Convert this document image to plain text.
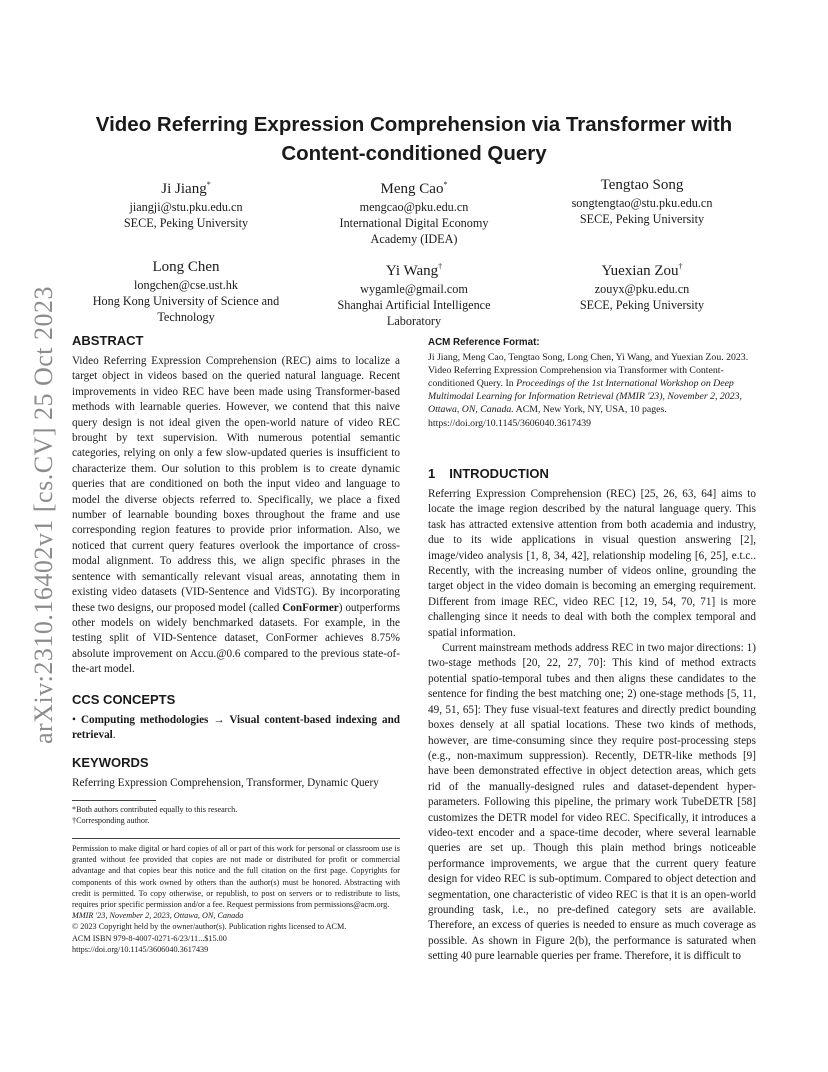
arXiv:2310.16402v1 [cs.CV] 25 Oct 2023
Video Referring Expression Comprehension via Transformer with
Content-conditioned Query
Ji Jiang*
jiangji@stu.pku.edu.cn
SECE, Peking University
Meng Cao*
mengcao@pku.edu.cn
International Digital Economy
Academy (IDEA)
Tengtao Song
songtengtao@stu.pku.edu.cn
SECE, Peking University
Long Chen
longchen@cse.ust.hk
Hong Kong University of Science and
Technology
Yi Wang†
wygamle@gmail.com
Shanghai Artificial Intelligence
Laboratory
Yuexian Zou†
zouyx@pku.edu.cn
SECE, Peking University
ABSTRACT
Video Referring Expression Comprehension (REC) aims to localize a target object in videos based on the queried natural language. Recent improvements in video REC have been made using Transformer-based methods with learnable queries. However, we contend that this naive query design is not ideal given the open-world nature of video REC brought by text supervision. With numerous potential semantic categories, relying on only a few slow-updated queries is insufficient to characterize them. Our solution to this problem is to create dynamic queries that are conditioned on both the input video and language to model the diverse objects referred to. Specifically, we place a fixed number of learnable bounding boxes throughout the frame and use corresponding region features to provide prior information. Also, we noticed that current query features overlook the importance of cross-modal alignment. To address this, we align specific phrases in the sentence with semantically relevant visual areas, annotating them in existing video datasets (VID-Sentence and VidSTG). By incorporating these two designs, our proposed model (called ConFormer) outperforms other models on widely benchmarked datasets. For example, in the testing split of VID-Sentence dataset, ConFormer achieves 8.75% absolute improvement on Accu.@0.6 compared to the previous state-of-the-art model.
CCS CONCEPTS
• Computing methodologies → Visual content-based indexing and retrieval.
KEYWORDS
Referring Expression Comprehension, Transformer, Dynamic Query
*Both authors contributed equally to this research.
†Corresponding author.
Permission to make digital or hard copies of all or part of this work for personal or classroom use is granted without fee provided that copies are not made or distributed for profit or commercial advantage and that copies bear this notice and the full citation on the first page. Copyrights for components of this work owned by others than the author(s) must be honored. Abstracting with credit is permitted. To copy otherwise, or republish, to post on servers or to redistribute to lists, requires prior specific permission and/or a fee. Request permissions from permissions@acm.org.
MMIR '23, November 2, 2023, Ottawa, ON, Canada
© 2023 Copyright held by the owner/author(s). Publication rights licensed to ACM.
ACM ISBN 979-8-4007-0271-6/23/11...$15.00
https://doi.org/10.1145/3606040.3617439
ACM Reference Format:
Ji Jiang, Meng Cao, Tengtao Song, Long Chen, Yi Wang, and Yuexian Zou. 2023. Video Referring Expression Comprehension via Transformer with Content-conditioned Query. In Proceedings of the 1st International Workshop on Deep Multimodal Learning for Information Retrieval (MMIR '23), November 2, 2023, Ottawa, ON, Canada. ACM, New York, NY, USA, 10 pages. https://doi.org/10.1145/3606040.3617439
1 INTRODUCTION

Referring Expression Comprehension (REC) [25, 26, 63, 64] aims to locate the image region described by the natural language query. This task has attracted extensive attention from both academia and industry, due to its wide applications in visual question answering [2], image/video analysis [1, 8, 34, 42], relationship modeling [6, 25], e.t.c.. Recently, with the increasing number of videos online, grounding the target object in the video domain is becoming an emerging requirement. Different from image REC, video REC [12, 19, 54, 70, 71] is more challenging since it needs to deal with both the complex temporal and spatial information.

Current mainstream methods address REC in two major directions: 1) two-stage methods [20, 22, 27, 70]: This kind of method extracts potential spatio-temporal tubes and then aligns these candidates to the sentence for finding the best matching one; 2) one-stage methods [5, 11, 49, 51, 65]: They fuse visual-text features and directly predict bounding boxes densely at all spatial locations. These two kinds of methods, however, are time-consuming since they require post-processing steps (e.g., non-maximum suppression). Recently, DETR-like methods [9] have been demonstrated effective in object detection areas, which gets rid of the manually-designed rules and dataset-dependent hyper-parameters. Following this pipeline, the primary work TubeDETR [58] customizes the DETR model for video REC. Specifically, it introduces a video-text encoder and a space-time decoder, where several learnable queries are set up. Though this plain method brings noticeable performance improvements, we argue that the current query feature design for video REC is sub-optimum. Compared to object detection and segmentation, one characteristic of video REC is that it is an open-world grounding task, i.e., no pre-defined category sets are available. Therefore, an excess of queries is needed to ensure as much coverage as possible. As shown in Figure 2(b), the performance is saturated when setting 40 pure learnable queries per frame. Therefore, it is difficult to
